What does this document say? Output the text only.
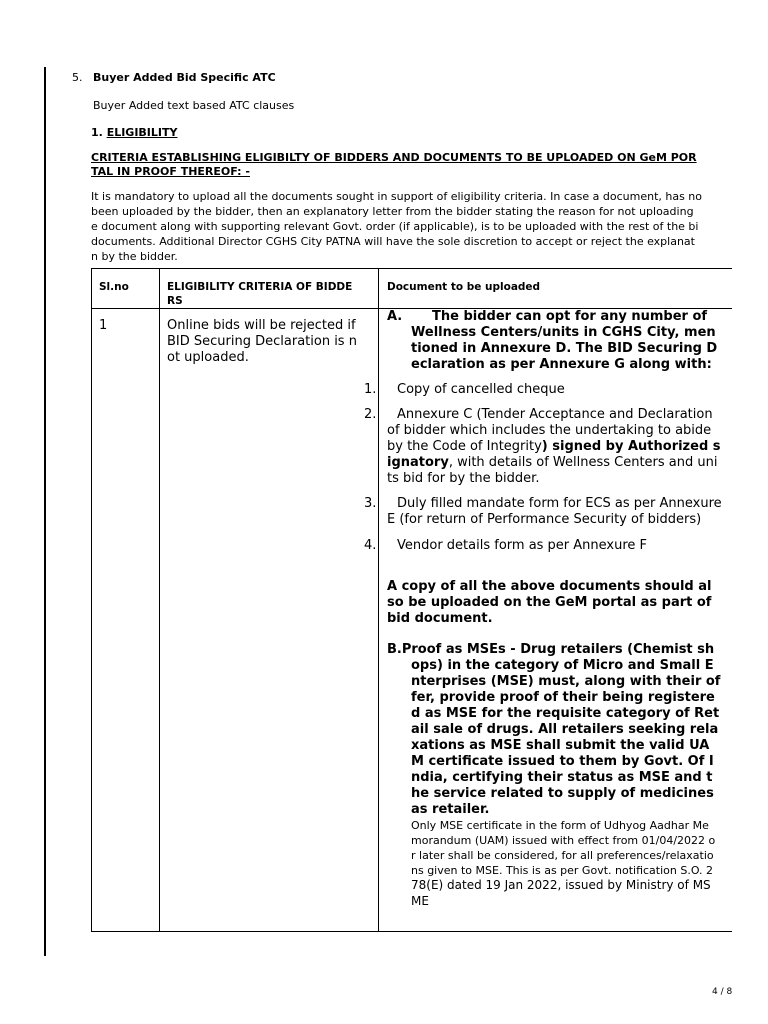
5. Buyer Added Bid Specific ATC
Buyer Added text based ATC clauses
1. ELIGIBILITY
CRITERIA ESTABLISHING ELIGIBILTY OF BIDDERS AND DOCUMENTS TO BE UPLOADED ON GeM POR
TAL IN PROOF THEREOF: -
It is mandatory to upload all the documents sought in support of eligibility criteria. In case a document, has no
been uploaded by the bidder, then an explanatory letter from the bidder stating the reason for not uploading
e document along with supporting relevant Govt. order (if applicable), is to be uploaded with the rest of the bi
documents. Additional Director CGHS City PATNA will have the sole discretion to accept or reject the explanat
n by the bidder.
Sl.no	ELIGIBILITY CRITERIA OF BIDDE
RS
Document to be uploaded
1	Online bids will be rejected if
BID Securing Declaration is n
ot uploaded.
A. The bidder can opt for any number of
Wellness Centers/units in CGHS City, men
tioned in Annexure D. The BID Securing D
eclaration as per Annexure G along with:
1. Copy of cancelled cheque
2. Annexure C (Tender Acceptance and Declaration
of bidder which includes the undertaking to abide
by the Code of Integrity) signed by Authorized s
ignatory, with details of Wellness Centers and uni
ts bid for by the bidder.
3. Duly filled mandate form for ECS as per Annexure
E (for return of Performance Security of bidders)
4. Vendor details form as per Annexure F
A copy of all the above documents should al
so be uploaded on the GeM portal as part of
bid document.
B.Proof as MSEs - Drug retailers (Chemist sh
ops) in the category of Micro and Small E
nterprises (MSE) must, along with their of
fer, provide proof of their being registere
d as MSE for the requisite category of Ret
ail sale of drugs. All retailers seeking rela
xations as MSE shall submit the valid UA
M certificate issued to them by Govt. Of I
ndia, certifying their status as MSE and t
he service related to supply of medicines
as retailer.
Only MSE certificate in the form of Udhyog Aadhar Me
morandum (UAM) issued with effect from 01/04/2022 o
r later shall be considered, for all preferences/relaxatio
ns given to MSE. This is as per Govt. notification S.O. 2
78(E) dated 19 Jan 2022, issued by Ministry of MS
ME
4 / 8
